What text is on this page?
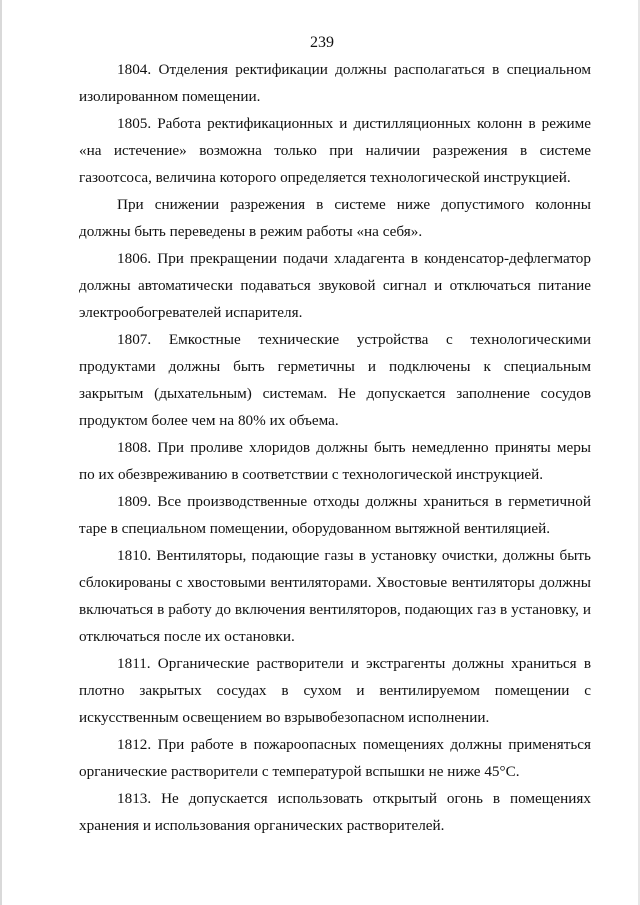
239

1804. Отделения ректификации должны располагаться в специальном изолированном помещении.

1805. Работа ректификационных и дистилляционных колонн в режиме «на истечение» возможна только при наличии разрежения в системе газоотсоса, величина которого определяется технологической инструкцией.

При снижении разрежения в системе ниже допустимого колонны должны быть переведены в режим работы «на себя».

1806. При прекращении подачи хладагента в конденсатор-дефлегматор должны автоматически подаваться звуковой сигнал и отключаться питание электрообогревателей испарителя.

1807. Емкостные технические устройства с технологическими продуктами должны быть герметичны и подключены к специальным закрытым (дыхательным) системам. Не допускается заполнение сосудов продуктом более чем на 80% их объема.

1808. При проливе хлоридов должны быть немедленно приняты меры по их обезвреживанию в соответствии с технологической инструкцией.

1809. Все производственные отходы должны храниться в герметичной таре в специальном помещении, оборудованном вытяжной вентиляцией.

1810. Вентиляторы, подающие газы в установку очистки, должны быть сблокированы с хвостовыми вентиляторами. Хвостовые вентиляторы должны включаться в работу до включения вентиляторов, подающих газ в установку, и отключаться после их остановки.

1811. Органические растворители и экстрагенты должны храниться в плотно закрытых сосудах в сухом и вентилируемом помещении с искусственным освещением во взрывобезопасном исполнении.

1812. При работе в пожароопасных помещениях должны применяться органические растворители с температурой вспышки не ниже 45°С.

1813. Не допускается использовать открытый огонь в помещениях хранения и использования органических растворителей.
